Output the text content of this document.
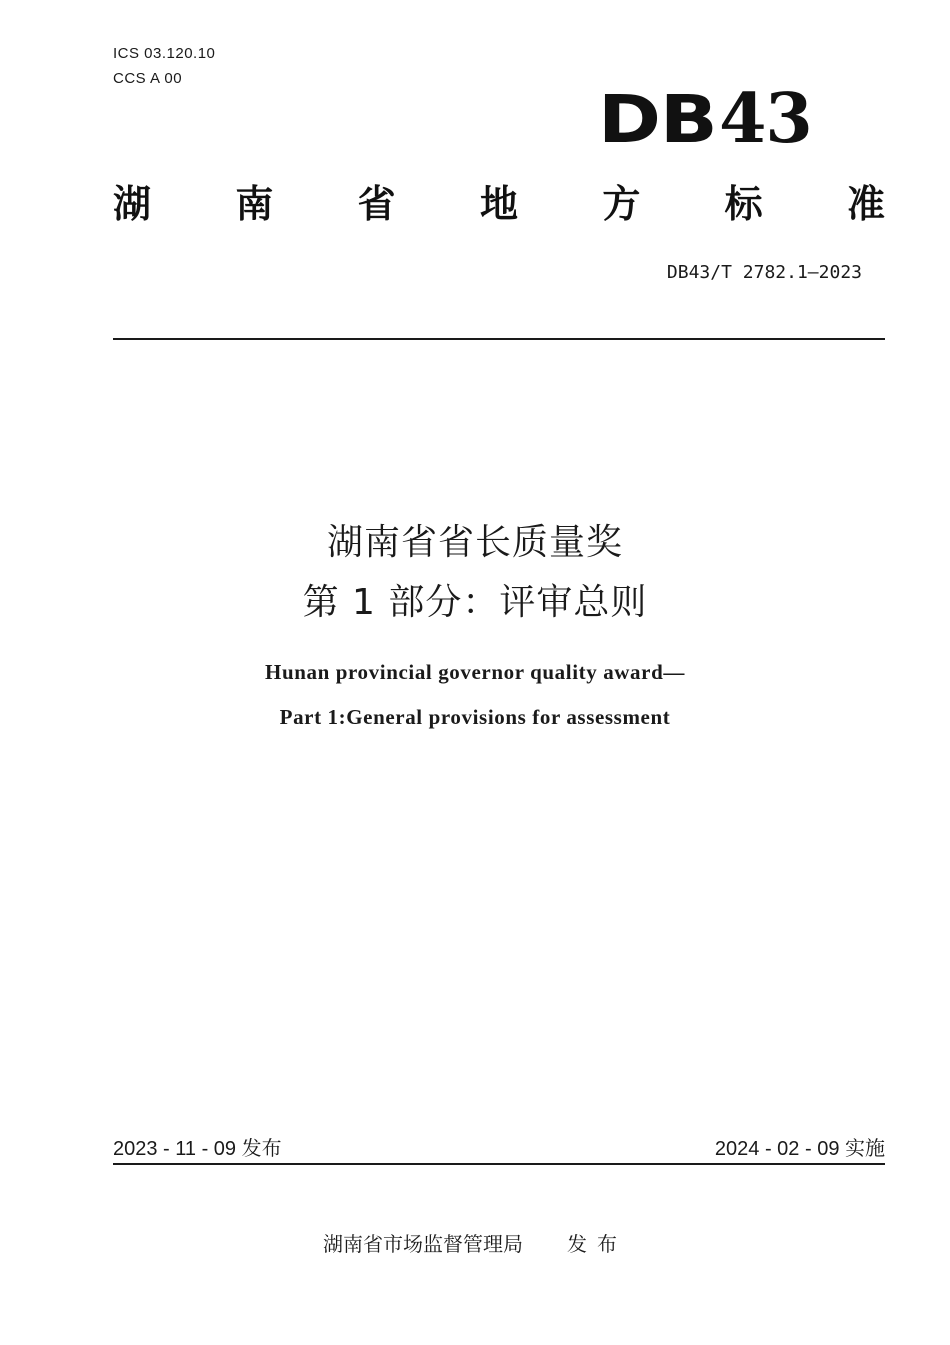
ICS 03.120.10
CCS A 00
DB43
湖 南 省 地 方 标 准
DB43/T 2782.1—2023
湖南省省长质量奖
第 1 部分：评审总则
Hunan provincial governor quality award—
Part 1:General provisions for assessment
2023 - 11 - 09 发布	2024 - 02 - 09 实施
湖南省市场监督管理局 发布
